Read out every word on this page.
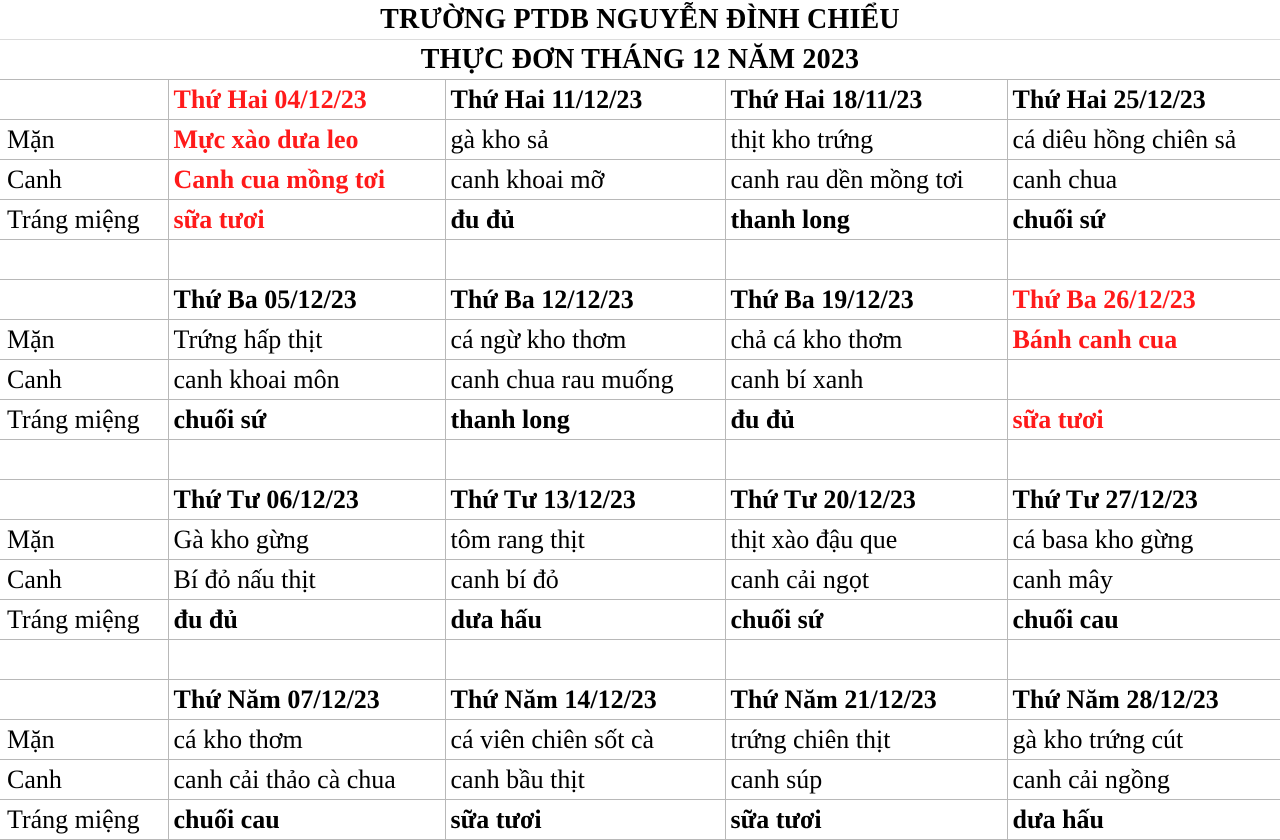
TRƯỜNG PTDB NGUYỄN ĐÌNH CHIỂU
THỰC ĐƠN THÁNG 12 NĂM 2023
	Thứ Hai 04/12/23	Thứ Hai 11/12/23	Thứ Hai 18/11/23	Thứ Hai 25/12/23
Mặn	Mực xào dưa leo	gà kho sả	thịt kho trứng	cá diêu hồng chiên sả
Canh	Canh cua mồng tơi	canh khoai mỡ	canh rau dền mồng tơi	canh chua
Tráng miệng	sữa tươi	đu đủ	thanh long	chuối sứ

	Thứ Ba 05/12/23	Thứ Ba 12/12/23	Thứ Ba 19/12/23	Thứ Ba 26/12/23
Mặn	Trứng hấp thịt	cá ngừ kho thơm	chả cá kho thơm	Bánh canh cua
Canh	canh khoai môn	canh chua rau muống	canh bí xanh	
Tráng miệng	chuối sứ	thanh long	đu đủ	sữa tươi

	Thứ Tư 06/12/23	Thứ Tư 13/12/23	Thứ Tư 20/12/23	Thứ Tư 27/12/23
Mặn	Gà kho gừng	tôm rang thịt	thịt xào đậu que	cá basa kho gừng
Canh	Bí đỏ nấu thịt	canh bí đỏ	canh cải ngọt	canh mây
Tráng miệng	đu đủ	dưa hấu	chuối sứ	chuối cau

	Thứ Năm 07/12/23	Thứ Năm 14/12/23	Thứ Năm 21/12/23	Thứ Năm 28/12/23
Mặn	cá kho thơm	cá viên chiên sốt cà	trứng chiên thịt	gà kho trứng cút
Canh	canh cải thảo cà chua	canh bầu thịt	canh súp	canh cải ngồng
Tráng miệng	chuối cau	sữa tươi	sữa tươi	dưa hấu
